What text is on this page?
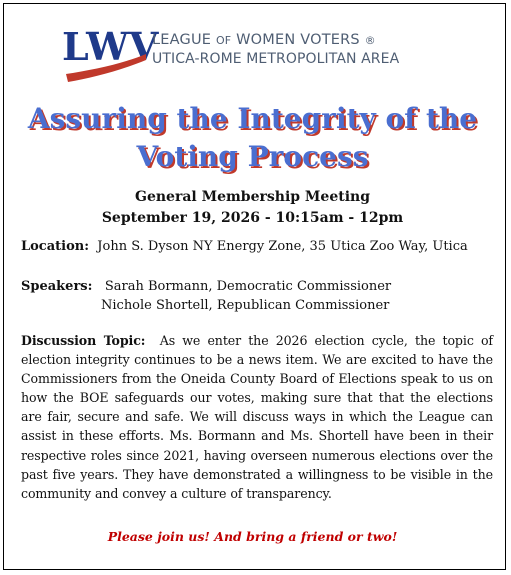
LWV
LEAGUE OF WOMEN VOTERS ®
UTICA-ROME METROPOLITAN AREA
Assuring the Integrity of the Voting Process
General Membership Meeting
September 19, 2026 - 10:15am - 12pm
Location: John S. Dyson NY Energy Zone, 35 Utica Zoo Way, Utica
Speakers: Sarah Bormann, Democratic Commissioner
Nichole Shortell, Republican Commissioner
Discussion Topic: As we enter the 2026 election cycle, the topic of election integrity continues to be a news item. We are excited to have the Commissioners from the Oneida County Board of Elections speak to us on how the BOE safeguards our votes, making sure that that the elections are fair, secure and safe. We will discuss ways in which the League can assist in these efforts. Ms. Bormann and Ms. Shortell have been in their respective roles since 2021, having overseen numerous elections over the past five years. They have demonstrated a willingness to be visible in the community and convey a culture of transparency.
Please join us! And bring a friend or two!
